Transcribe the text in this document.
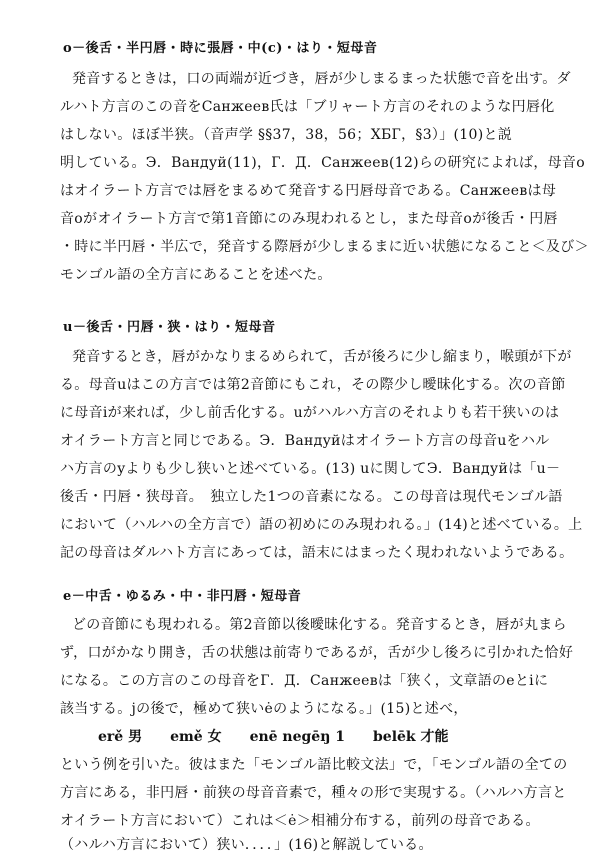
o－後舌・半円唇・時に張唇・中(c)・はり・短母音
発音するときは，口の両端が近づき，唇が少しまるまった状態で音を出す。ダ
ルハト方言のこの音をСанжеев氏は「ブリャート方言のそれのような円唇化
はしない。ほぼ半狭。（音声学 §§37，38，56；ХБГ，§3）」(10)と説
明している。Э．Вандуй(11)，Г．Д．Санжеев(12)らの研究によれば，母音o
はオイラート方言では唇をまるめて発音する円唇母音である。Санжеевは母
音oがオイラート方言で第1音節にのみ現われるとし，また母音oが後舌・円唇
・時に半円唇・半広で，発音する際唇が少しまるまに近い状態になること＜及び＞
モンゴル語の全方言にあることを述べた。
u－後舌・円唇・狭・はり・短母音
発音するとき，唇がかなりまるめられて，舌が後ろに少し縮まり，喉頭が下が
る。母音uはこの方言では第2音節にもこれ，その際少し曖昧化する。次の音節
に母音iが来れば，少し前舌化する。uがハルハ方言のそれよりも若干狭いのは
オイラート方言と同じである。Э．Вандуйはオイラート方言の母音uをハル
ハ方言のyよりも少し狭いと述べている。(13) uに関してЭ．Вандуйは「u－
後舌・円唇・狭母音。　独立した1つの音素になる。この母音は現代モンゴル語
において（ハルハの全方言で）語の初めにのみ現われる。」(14)と述べている。上
記の母音はダルハト方言にあっては，語末にはまったく現われないようである。
e－中舌・ゆるみ・中・非円唇・短母音
どの音節にも現われる。第2音節以後曖昧化する。発音するとき，唇が丸まら
ず，口がかなり開き，舌の状態は前寄りであるが，舌が少し後ろに引かれた恰好
になる。この方言のこの母音をГ．Д．Санжеевは「狭く，文章語のeとiに
該当する。jの後で，極めて狭いėのようになる。」(15)と述べ，
erě 男　　emě 女　　enē negēŋ 1　　belēk 才能
という例を引いた。彼はまた「モンゴル語比較文法」で，「モンゴル語の全ての
方言にある，非円唇・前狭の母音音素で，種々の形で実現する。（ハルハ方言と
オイラート方言において）これは＜ė＞相補分布する，前列の母音である。
（ハルハ方言において）狭い．．．．」(16)と解説している。
